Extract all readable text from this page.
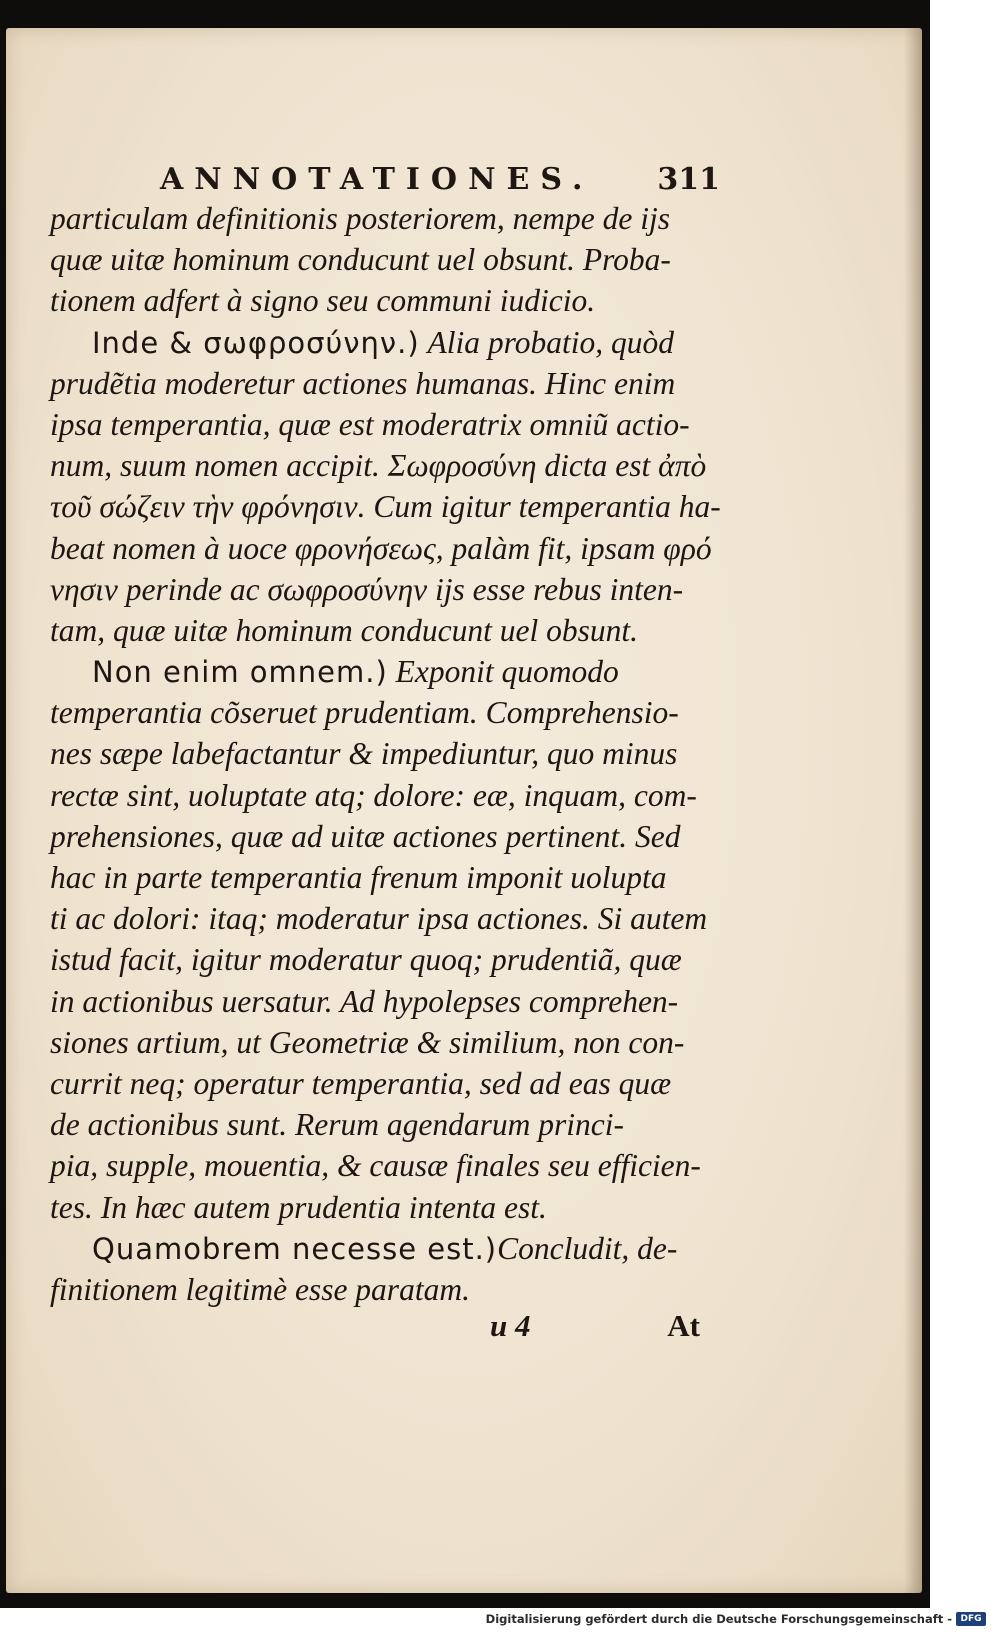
ANNOTATIONES. 311
particulam definitionis posteriorem, nempe de ijs
quæ uitæ hominum conducunt uel obsunt. Proba-
tionem adfert à signo seu communi iudicio.
Inde & σωφροσύνην.) Alia probatio, quòd
prudẽtia moderetur actiones humanas. Hinc enim
ipsa temperantia, quæ est moderatrix omniũ actio-
num, suum nomen accipit. Σωφροσύνη dicta est ἀπὸ
τοῦ σώζειν τὴν φρόνησιν. Cum igitur temperantia ha-
beat nomen à uoce φρονήσεως, palàm fit, ipsam φρό
νησιν perinde ac σωφροσύνην ijs esse rebus inten-
tam, quæ uitæ hominum conducunt uel obsunt.
Non enim omnem.) Exponit quomodo
temperantia cõseruet prudentiam. Comprehensio-
nes sæpe labefactantur & impediuntur, quo minus
rectæ sint, uoluptate atq; dolore: eæ, inquam, com-
prehensiones, quæ ad uitæ actiones pertinent. Sed
hac in parte temperantia frenum imponit uolupta
ti ac dolori: itaq; moderatur ipsa actiones. Si autem
istud facit, igitur moderatur quoq; prudentiã, quæ
in actionibus uersatur. Ad hypolepses comprehen-
siones artium, ut Geometriæ & similium, non con-
currit neq; operatur temperantia, sed ad eas quæ
de actionibus sunt. Rerum agendarum princi-
pia, supple, mouentia, & causæ finales seu efficien-
tes. In hæc autem prudentia intenta est.
Quamobrem necesse est.)Concludit, de-
finitionem legitimè esse paratam.
u 4	At
Digitalisierung gefördert durch die Deutsche Forschungsgemeinschaft - DFG
